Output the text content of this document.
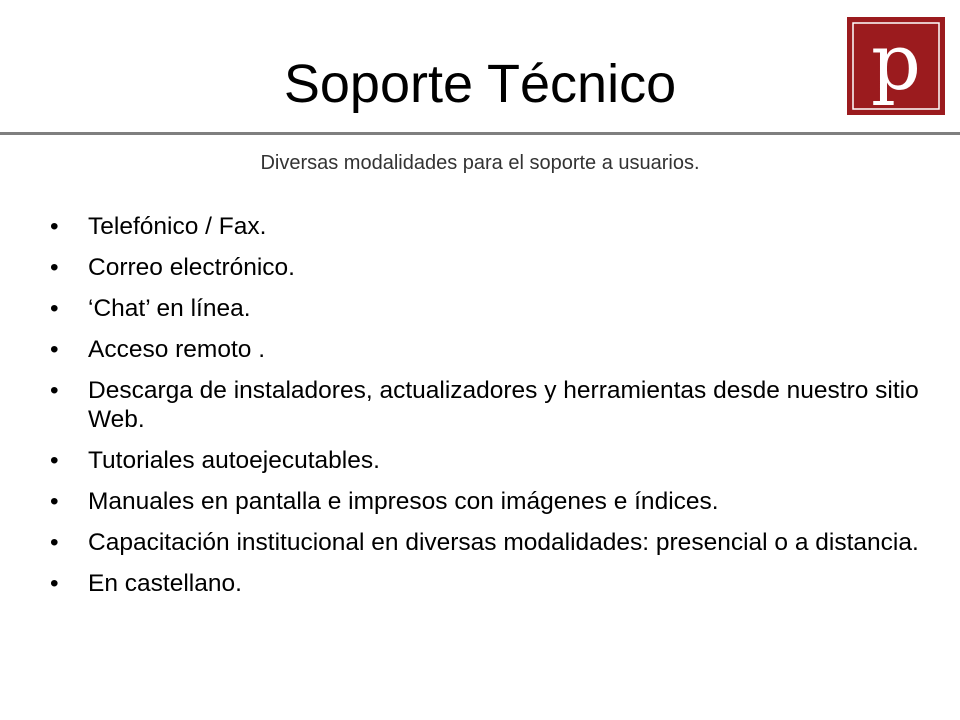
Soporte Técnico
Diversas modalidades para el soporte a usuarios.
p
• Telefónico / Fax.
• Correo electrónico.
• ‘Chat’ en línea.
• Acceso remoto .
• Descarga de instaladores, actualizadores y herramientas desde nuestro sitio Web.
• Tutoriales autoejecutables.
• Manuales en pantalla e impresos con imágenes e índices.
• Capacitación institucional en diversas modalidades: presencial o a distancia.
• En castellano.
